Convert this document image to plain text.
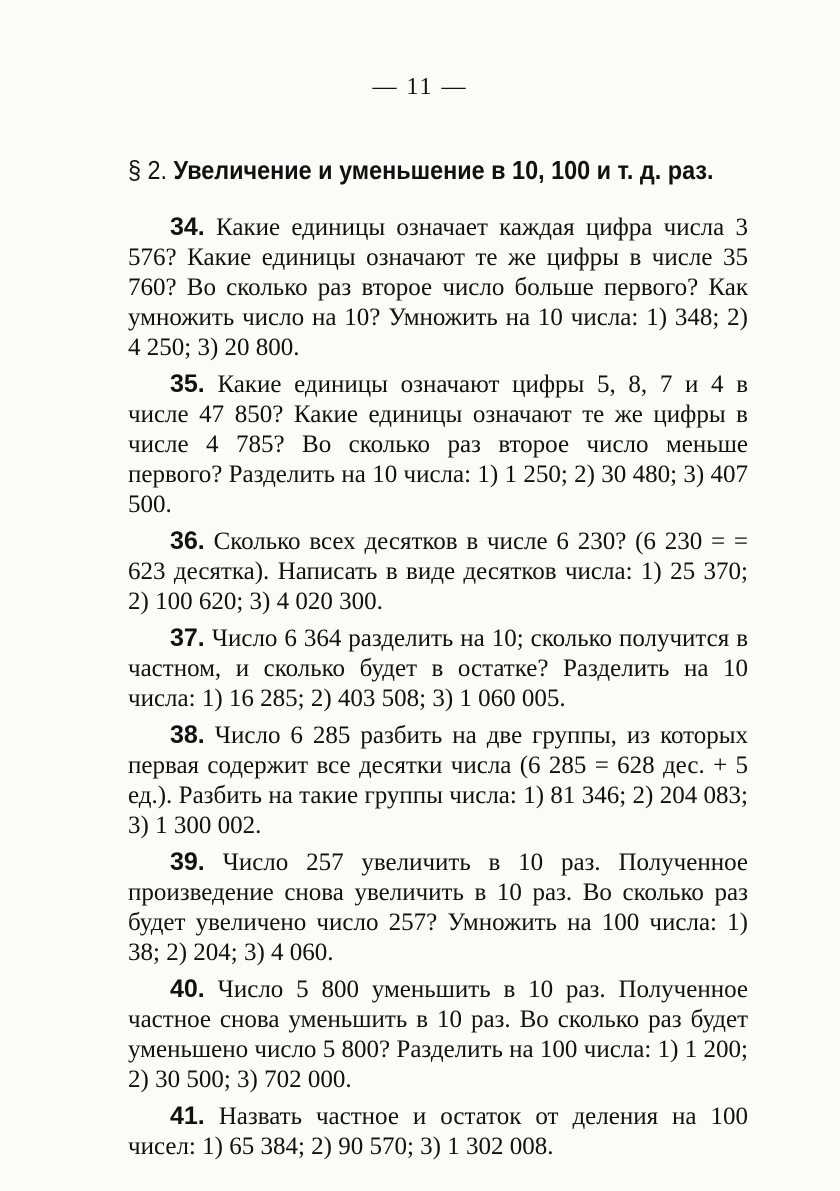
— 11 —
§ 2. Увеличение и уменьшение в 10, 100 и т. д. раз.

34. Какие единицы означает каждая цифра числа 3 576? Какие единицы означают те же цифры в числе 35 760? Во сколько раз второе число больше первого? Как умножить число на 10? Умножить на 10 числа: 1) 348; 2) 4 250; 3) 20 800.

35. Какие единицы означают цифры 5, 8, 7 и 4 в числе 47 850? Какие единицы означают те же цифры в числе 4 785? Во сколько раз второе число меньше первого? Разделить на 10 числа: 1) 1 250; 2) 30 480; 3) 407 500.

36. Сколько всех десятков в числе 6 230? (6 230 = = 623 десятка). Написать в виде десятков числа: 1) 25 370; 2) 100 620; 3) 4 020 300.

37. Число 6 364 разделить на 10; сколько получится в частном, и сколько будет в остатке? Разделить на 10 числа: 1) 16 285; 2) 403 508; 3) 1 060 005.

38. Число 6 285 разбить на две группы, из которых первая содержит все десятки числа (6 285 = 628 дес. + 5 ед.). Разбить на такие группы числа: 1) 81 346; 2) 204 083; 3) 1 300 002.

39. Число 257 увеличить в 10 раз. Полученное произведение снова увеличить в 10 раз. Во сколько раз будет увеличено число 257? Умножить на 100 числа: 1) 38; 2) 204; 3) 4 060.

40. Число 5 800 уменьшить в 10 раз. Полученное частное снова уменьшить в 10 раз. Во сколько раз будет уменьшено число 5 800? Разделить на 100 числа: 1) 1 200; 2) 30 500; 3) 702 000.

41. Назвать частное и остаток от деления на 100 чисел: 1) 65 384; 2) 90 570; 3) 1 302 008.
